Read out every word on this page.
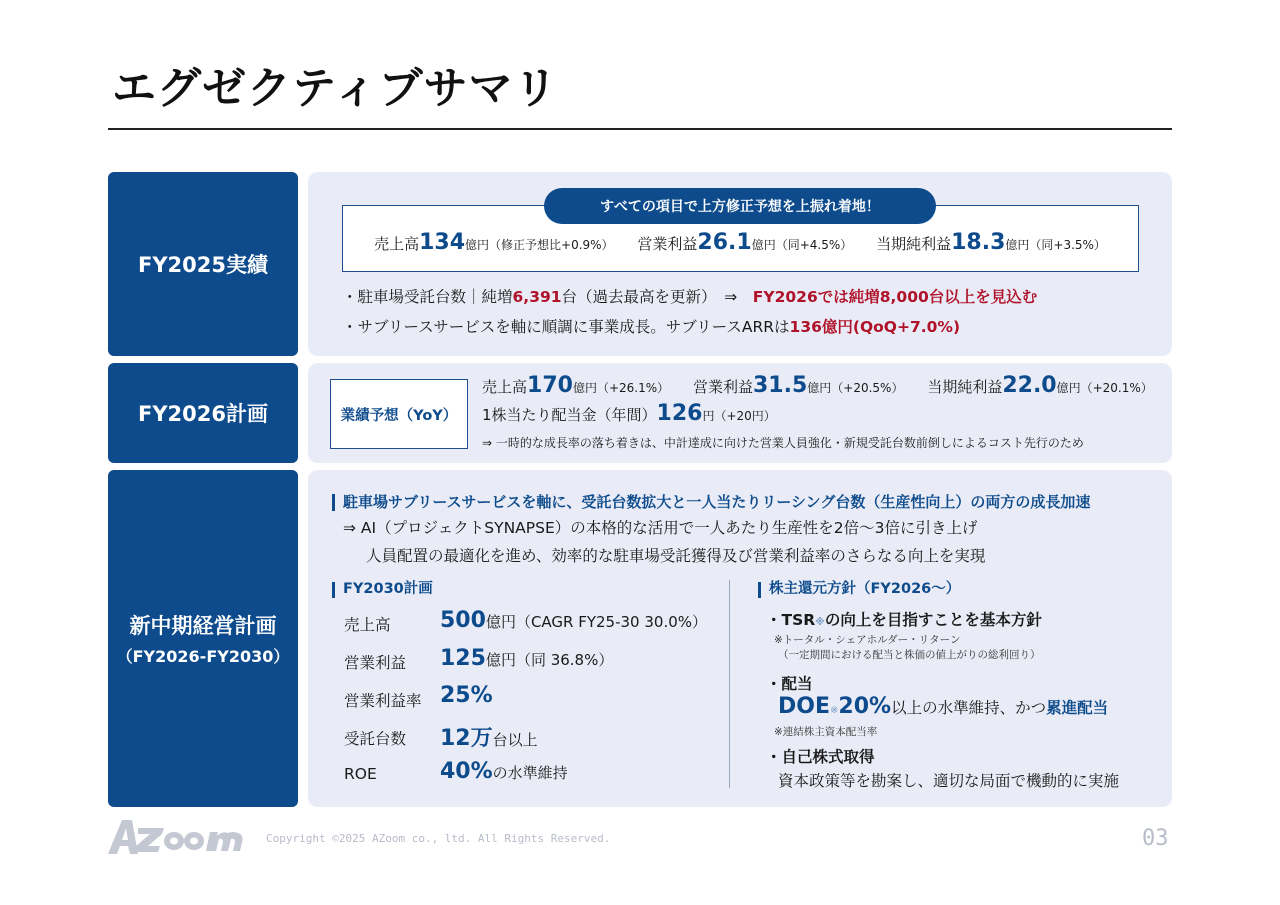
エグゼクティブサマリ
FY2025実績
すべての項目で上方修正予想を上振れ着地！
売上高134億円（修正予想比+0.9%） 営業利益26.1億円（同+4.5%） 当期純利益18.3億円（同+3.5%）
・駐車場受託台数｜純増6,391台（過去最高を更新）　⇒　FY2026では純増8,000台以上を見込む
・サブリースサービスを軸に順調に事業成長。サブリースARRは136億円(QoQ+7.0%)
FY2026計画	業績予想（YoY）
売上高170億円（+26.1%） 営業利益31.5億円（+20.5%） 当期純利益22.0億円（+20.1%）
1株当たり配当金（年間）126円（+20円）
⇒ 一時的な成長率の落ち着きは、中計達成に向けた営業人員強化・新規受託台数前倒しによるコスト先行のため
新中期経営計画
（FY2026-FY2030）
駐車場サブリースサービスを軸に、受託台数拡大と一人当たりリーシング台数（生産性向上）の両方の成長加速
⇒ AI（プロジェクトSYNAPSE）の本格的な活用で一人あたり生産性を2倍～3倍に引き上げ
人員配置の最適化を進め、効率的な駐車場受託獲得及び営業利益率のさらなる向上を実現
FY2030計画
売上高 500億円（CAGR FY25-30 30.0%）
営業利益 125億円（同 36.8%）
営業利益率 25%
受託台数 12万台以上
ROE	40%の水準維持
株主還元方針（FY2026～）
・TSR※の向上を目指すことを基本方針
※トータル・シェアホルダー・リターン
（一定期間における配当と株価の値上がりの総利回り）
・配当
DOE※20%以上の水準維持、かつ累進配当
※連結株主資本配当率
・自己株式取得
資本政策等を勘案し、適切な局面で機動的に実施
Copyright ©2025 AZoom co., ltd. All Rights Reserved.	03
